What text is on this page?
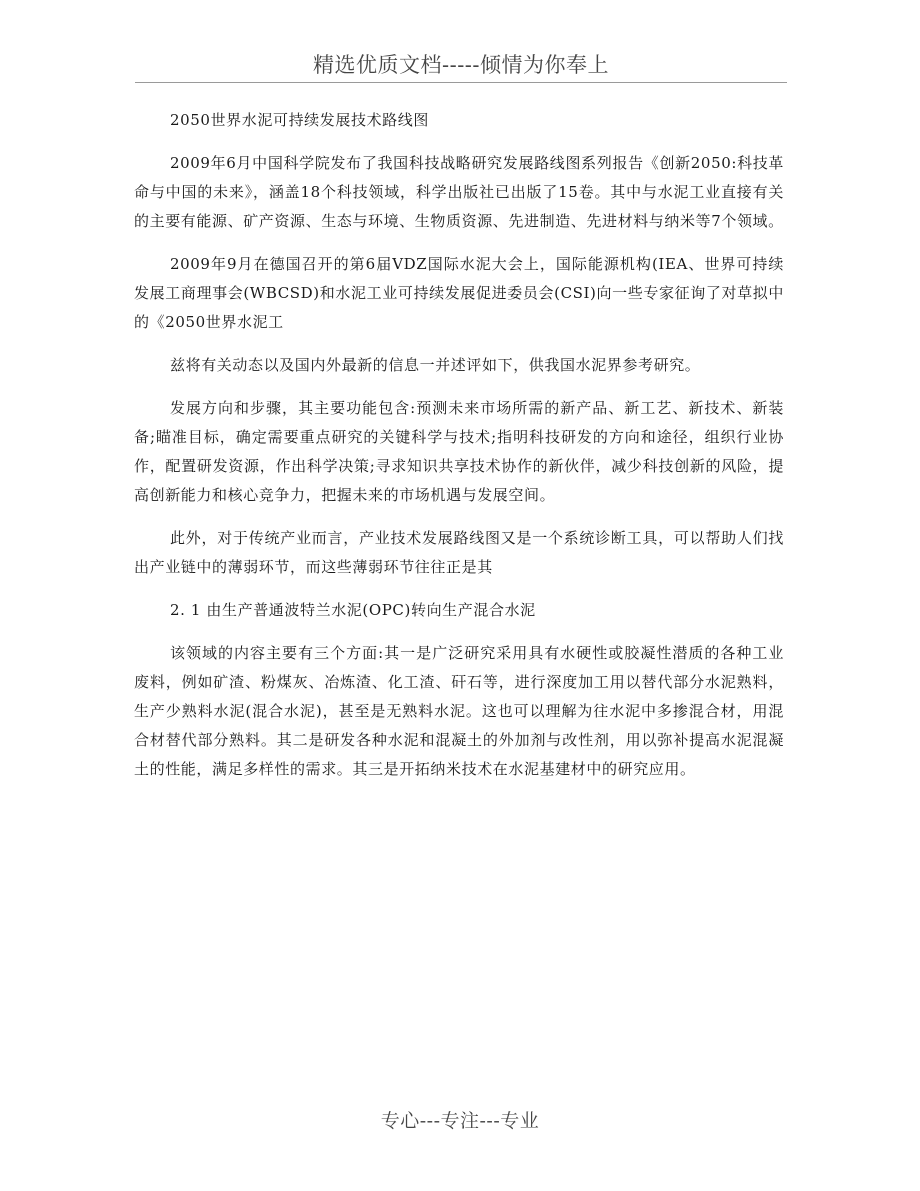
精选优质文档-----倾情为你奉上

2050世界水泥可持续发展技术路线图

2009年6月中国科学院发布了我国科技战略研究发展路线图系列报告《创新2050:科技革命与中国的未来》，涵盖18个科技领域，科学出版社已出版了15卷。其中与水泥工业直接有关的主要有能源、矿产资源、生态与环境、生物质资源、先进制造、先进材料与纳米等7个领域。

2009年9月在德国召开的第6届VDZ国际水泥大会上，国际能源机构(IEA、世界可持续发展工商理事会(WBCSD)和水泥工业可持续发展促进委员会(CSI)向一些专家征询了对草拟中的《2050世界水泥工

兹将有关动态以及国内外最新的信息一并述评如下，供我国水泥界参考研究。

发展方向和步骤，其主要功能包含:预测未来市场所需的新产品、新工艺、新技术、新装备;瞄准目标，确定需要重点研究的关键科学与技术;指明科技研发的方向和途径，组织行业协作，配置研发资源，作出科学决策;寻求知识共享技术协作的新伙伴，减少科技创新的风险，提高创新能力和核心竞争力，把握未来的市场机遇与发展空间。

此外，对于传统产业而言，产业技术发展路线图又是一个系统诊断工具，可以帮助人们找出产业链中的薄弱环节，而这些薄弱环节往往正是其

2. 1 由生产普通波特兰水泥(OPC)转向生产混合水泥

该领域的内容主要有三个方面:其一是广泛研究采用具有水硬性或胶凝性潜质的各种工业废料，例如矿渣、粉煤灰、冶炼渣、化工渣、矸石等，进行深度加工用以替代部分水泥熟料，生产少熟料水泥(混合水泥)，甚至是无熟料水泥。这也可以理解为往水泥中多掺混合材，用混合材替代部分熟料。其二是研发各种水泥和混凝土的外加剂与改性剂，用以弥补提高水泥混凝土的性能，满足多样性的需求。其三是开拓纳米技术在水泥基建材中的研究应用。

专心---专注---专业
